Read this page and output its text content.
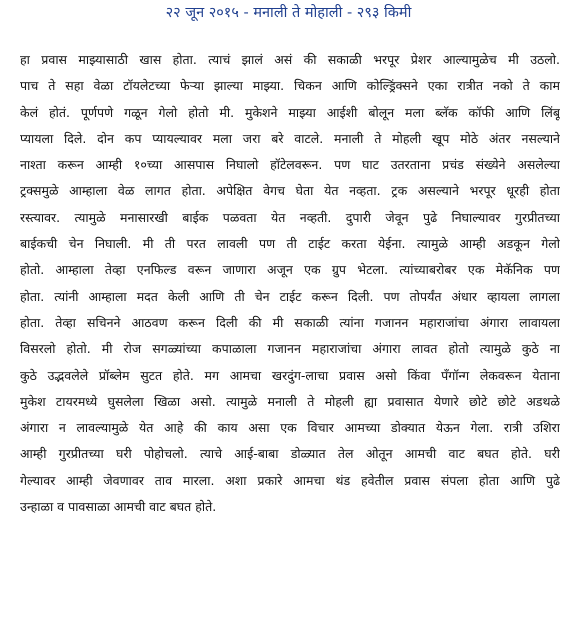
२२ जून २०१५ - मनाली ते मोहाली - २९३ किमी
हा प्रवास माझ्यासाठी खास होता. त्याचं झालं असं की सकाळी भरपूर प्रेशर आल्यामुळेच मी उठलो.
पाच ते सहा वेळा टॉयलेटच्या फेऱ्या झाल्या माझ्या. चिकन आणि कोल्ड्रिंक्सने एका रात्रीत नको ते काम
केलं होतं. पूर्णपणे गळून गेलो होतो मी. मुकेशने माझ्या आईशी बोलून मला ब्लॅक कॉफी आणि लिंबू
प्यायला दिले. दोन कप प्यायल्यावर मला जरा बरे वाटले. मनाली ते मोहली खूप मोठे अंतर नसल्याने
नाश्ता करून आम्ही १०च्या आसपास निघालो हॉटेलवरून. पण घाट उतरताना प्रचंड संख्येने असलेल्या
ट्रक्समुळे आम्हाला वेळ लागत होता. अपेक्षित वेगच घेता येत नव्हता. ट्रक असल्याने भरपूर धूरही होता
रस्त्यावर. त्यामुळे मनासारखी बाईक पळवता येत नव्हती. दुपारी जेवून पुढे निघाल्यावर गुरप्रीतच्या
बाईकची चेन निघाली. मी ती परत लावली पण ती टाईट करता येईना. त्यामुळे आम्ही अडकून गेलो
होतो. आम्हाला तेव्हा एनफिल्ड वरून जाणारा अजून एक ग्रुप भेटला. त्यांच्याबरोबर एक मेकॅनिक पण
होता. त्यांनी आम्हाला मदत केली आणि ती चेन टाईट करून दिली. पण तोपर्यंत अंधार व्हायला लागला
होता. तेव्हा सचिनने आठवण करून दिली की मी सकाळी त्यांना गजानन महाराजांचा अंगारा लावायला
विसरलो होतो. मी रोज सगळ्यांच्या कपाळाला गजानन महाराजांचा अंगारा लावत होतो त्यामुळे कुठे ना
कुठे उद्भवलेले प्रॉब्लेम सुटत होते. मग आमचा खरदुंग-लाचा प्रवास असो किंवा पॅंगॉन्ग लेकवरून येताना
मुकेश टायरमध्ये घुसलेला खिळा असो. त्यामुळे मनाली ते मोहली ह्या प्रवासात येणारे छोटे छोटे अडथळे
अंगारा न लावल्यामुळे येत आहे की काय असा एक विचार आमच्या डोक्यात येऊन गेला. रात्री उशिरा
आम्ही गुरप्रीतच्या घरी पोहोचलो. त्याचे आई-बाबा डोळ्यात तेल ओतून आमची वाट बघत होते. घरी
गेल्यावर आम्ही जेवणावर ताव मारला. अशा प्रकारे आमचा थंड हवेतील प्रवास संपला होता आणि पुढे
उन्हाळा व पावसाळा आमची वाट बघत होते.
